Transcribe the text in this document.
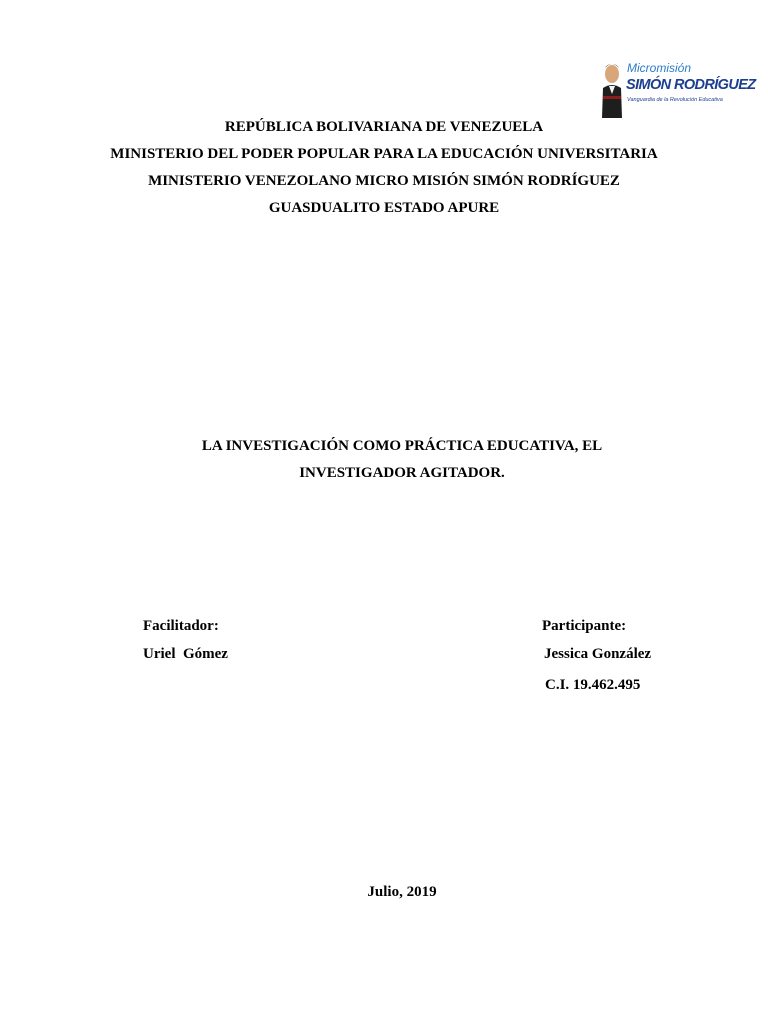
Micromisión
SIMÓN RODRÍGUEZ
Vanguardia de la Revolución Educativa
REPÚBLICA BOLIVARIANA DE VENEZUELA
MINISTERIO DEL PODER POPULAR PARA LA EDUCACIÓN UNIVERSITARIA
MINISTERIO VENEZOLANO MICRO MISIÓN SIMÓN RODRÍGUEZ
GUASDUALITO ESTADO APURE
LA INVESTIGACIÓN COMO PRÁCTICA EDUCATIVA, EL
INVESTIGADOR AGITADOR.
Facilitador:
Uriel  Gómez
Participante:
Jessica González
C.I. 19.462.495
Julio, 2019
